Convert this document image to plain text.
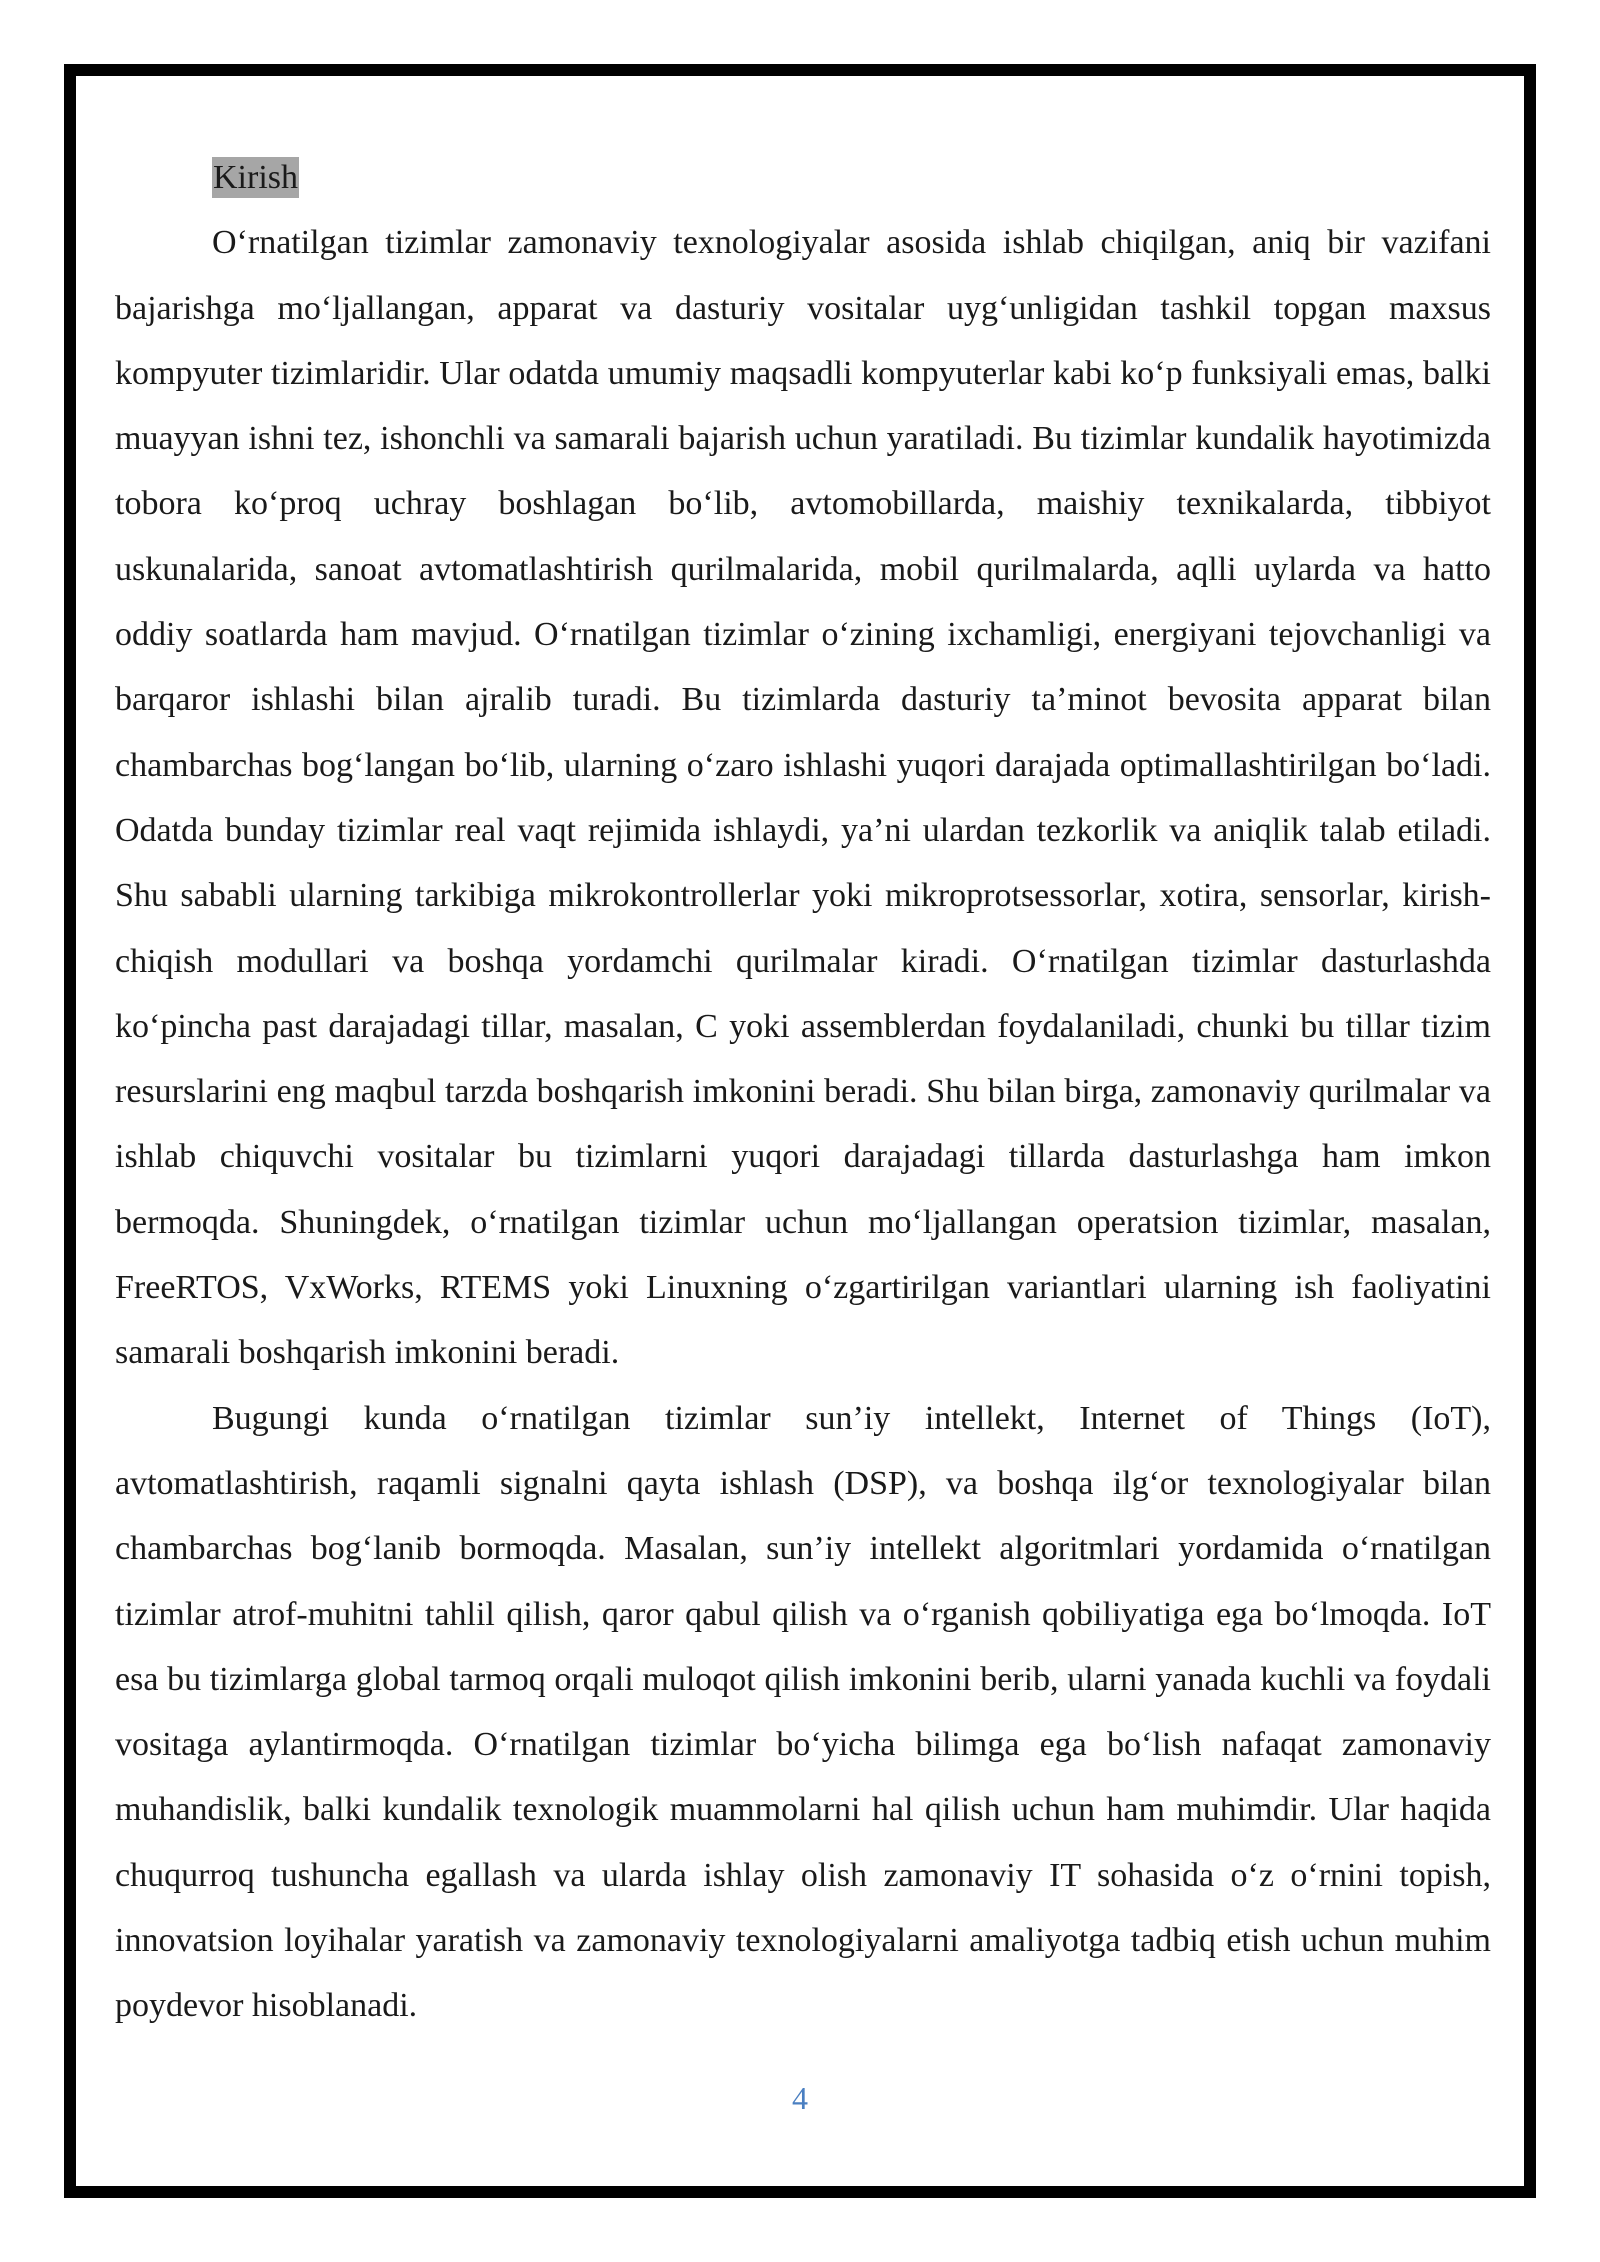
Kirish

O‘rnatilgan tizimlar zamonaviy texnologiyalar asosida ishlab chiqilgan, aniq bir vazifani bajarishga mo‘ljallangan, apparat va dasturiy vositalar uyg‘unligidan tashkil topgan maxsus kompyuter tizimlaridir. Ular odatda umumiy maqsadli kompyuterlar kabi ko‘p funksiyali emas, balki muayyan ishni tez, ishonchli va samarali bajarish uchun yaratiladi. Bu tizimlar kundalik hayotimizda tobora ko‘proq uchray boshlagan bo‘lib, avtomobillarda, maishiy texnikalarda, tibbiyot uskunalarida, sanoat avtomatlashtirish qurilmalarida, mobil qurilmalarda, aqlli uylarda va hatto oddiy soatlarda ham mavjud. O‘rnatilgan tizimlar o‘zining ixchamligi, energiyani tejovchanligi va barqaror ishlashi bilan ajralib turadi. Bu tizimlarda dasturiy ta’minot bevosita apparat bilan chambarchas bog‘langan bo‘lib, ularning o‘zaro ishlashi yuqori darajada optimallashtirilgan bo‘ladi. Odatda bunday tizimlar real vaqt rejimida ishlaydi, ya’ni ulardan tezkorlik va aniqlik talab etiladi. Shu sababli ularning tarkibiga mikrokontrollerlar yoki mikroprotsessorlar, xotira, sensorlar, kirish-chiqish modullari va boshqa yordamchi qurilmalar kiradi. O‘rnatilgan tizimlar dasturlashda ko‘pincha past darajadagi tillar, masalan, C yoki assemblerdan foydalaniladi, chunki bu tillar tizim resurslarini eng maqbul tarzda boshqarish imkonini beradi. Shu bilan birga, zamonaviy qurilmalar va ishlab chiquvchi vositalar bu tizimlarni yuqori darajadagi tillarda dasturlashga ham imkon bermoqda. Shuningdek, o‘rnatilgan tizimlar uchun mo‘ljallangan operatsion tizimlar, masalan, FreeRTOS, VxWorks, RTEMS yoki Linuxning o‘zgartirilgan variantlari ularning ish faoliyatini samarali boshqarish imkonini beradi.

Bugungi kunda o‘rnatilgan tizimlar sun’iy intellekt, Internet of Things (IoT), avtomatlashtirish, raqamli signalni qayta ishlash (DSP), va boshqa ilg‘or texnologiyalar bilan chambarchas bog‘lanib bormoqda. Masalan, sun’iy intellekt algoritmlari yordamida o‘rnatilgan tizimlar atrof-muhitni tahlil qilish, qaror qabul qilish va o‘rganish qobiliyatiga ega bo‘lmoqda. IoT esa bu tizimlarga global tarmoq orqali muloqot qilish imkonini berib, ularni yanada kuchli va foydali vositaga aylantirmoqda. O‘rnatilgan tizimlar bo‘yicha bilimga ega bo‘lish nafaqat zamonaviy muhandislik, balki kundalik texnologik muammolarni hal qilish uchun ham muhimdir. Ular haqida chuqurroq tushuncha egallash va ularda ishlay olish zamonaviy IT sohasida o‘z o‘rnini topish, innovatsion loyihalar yaratish va zamonaviy texnologiyalarni amaliyotga tadbiq etish uchun muhim poydevor hisoblanadi.

4
